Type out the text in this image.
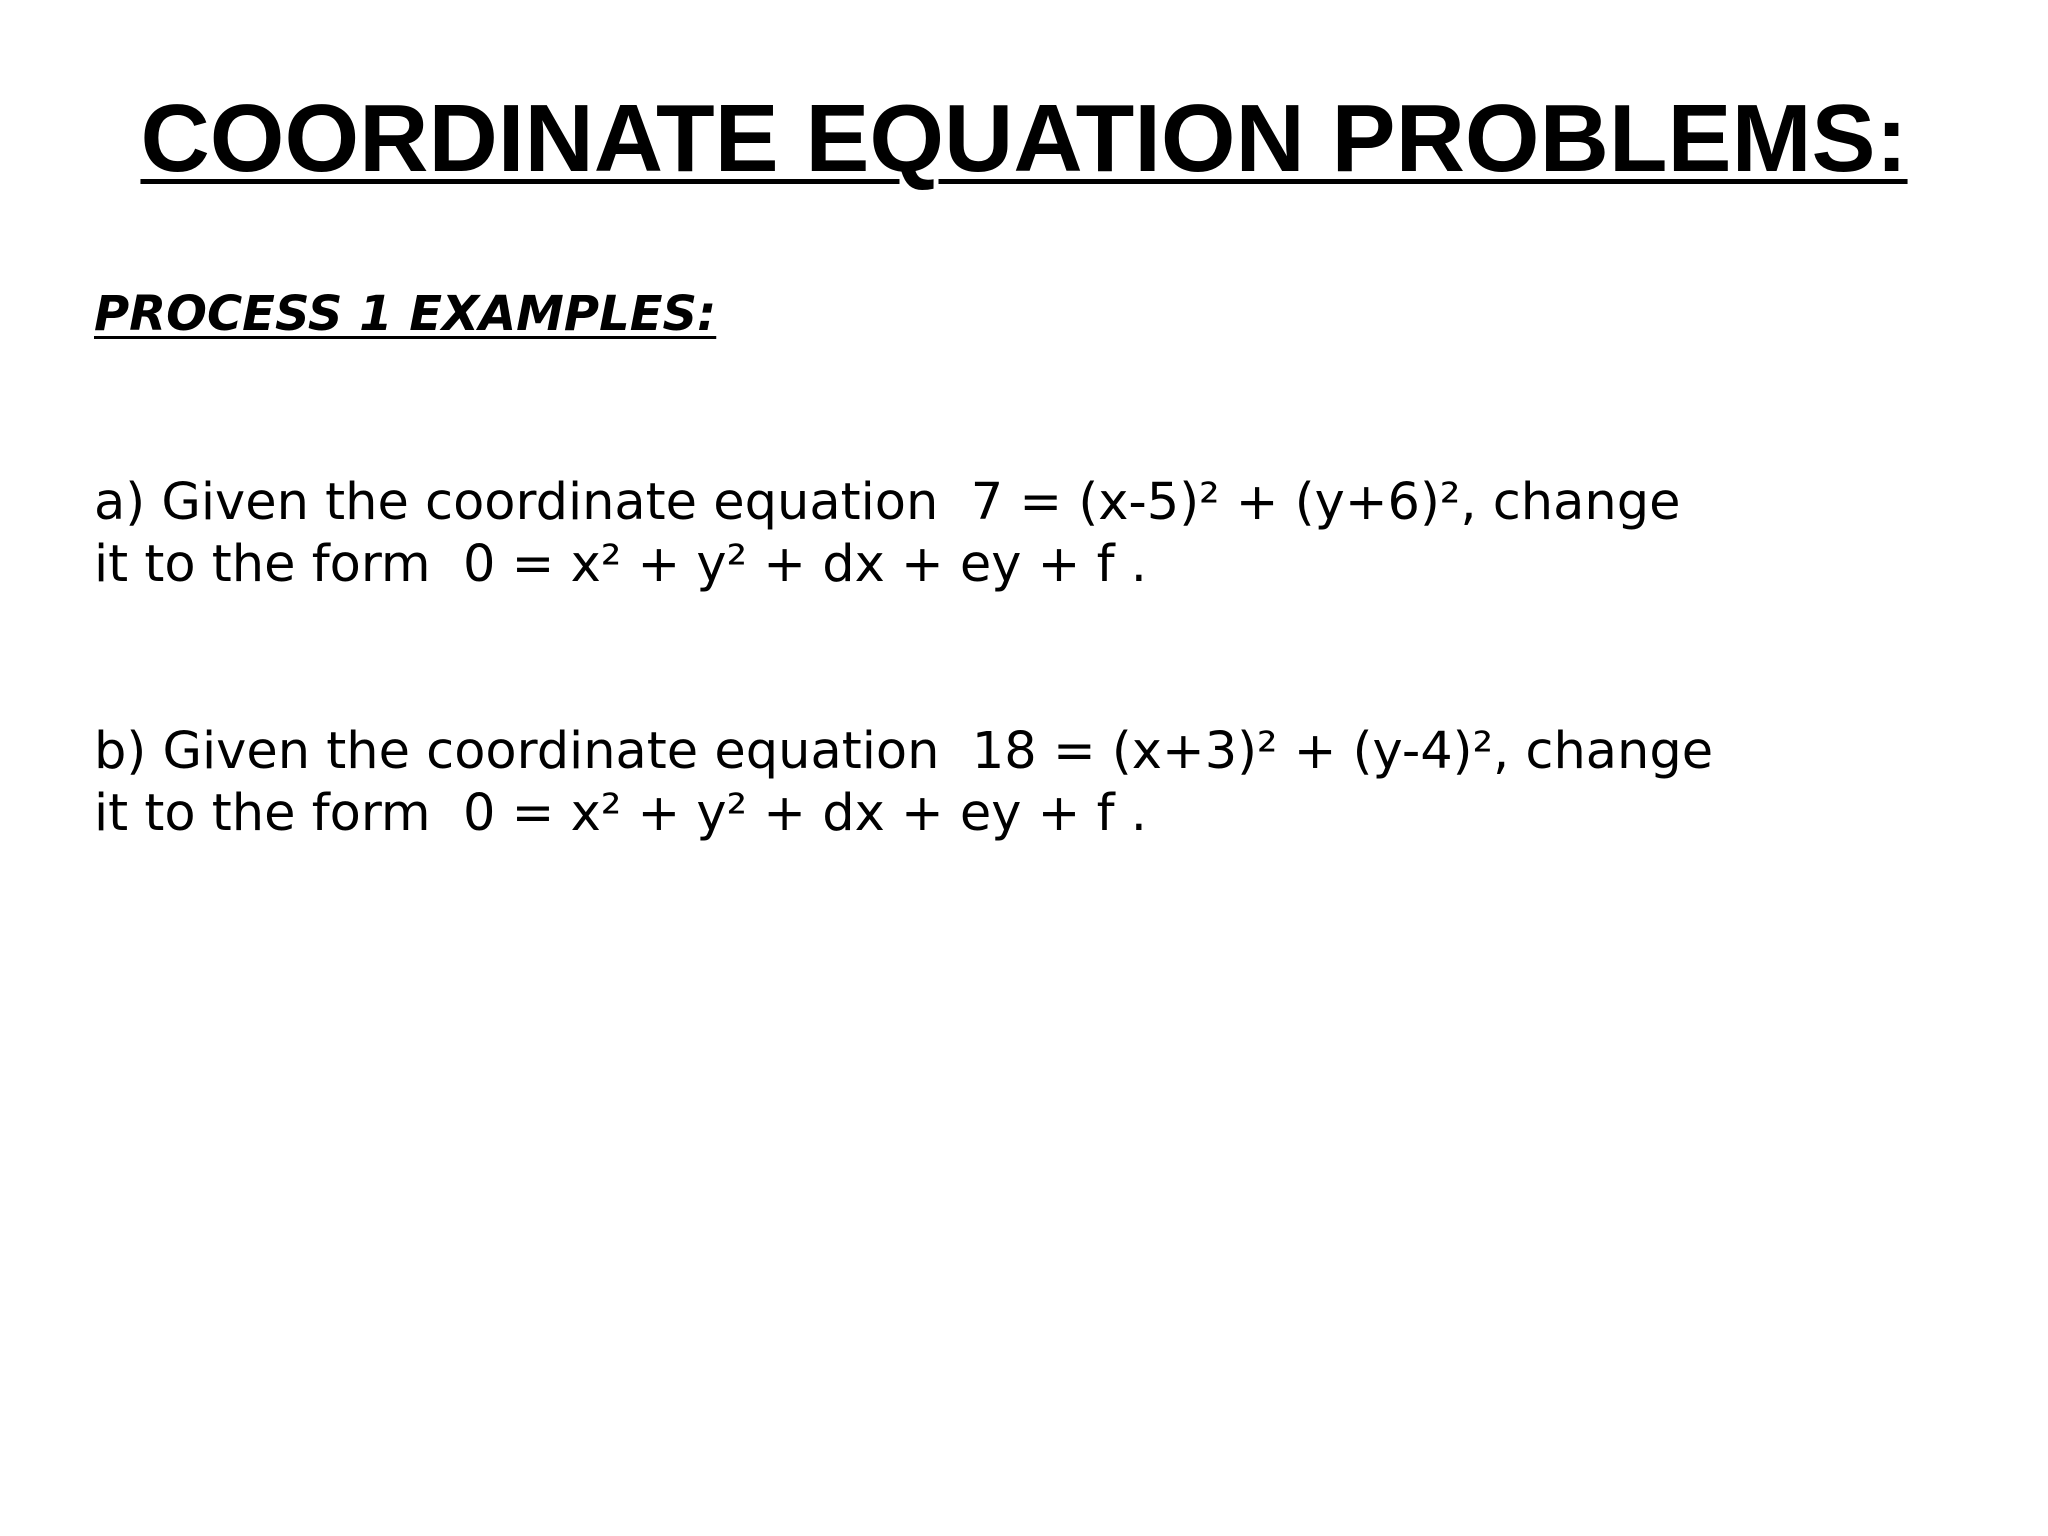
COORDINATE EQUATION PROBLEMS:
PROCESS 1 EXAMPLES:
a) Given the coordinate equation  7 = (x-5)² + (y+6)², change
it to the form  0 = x² + y² + dx + ey + f .
b) Given the coordinate equation  18 = (x+3)² + (y-4)², change
it to the form  0 = x² + y² + dx + ey + f .
